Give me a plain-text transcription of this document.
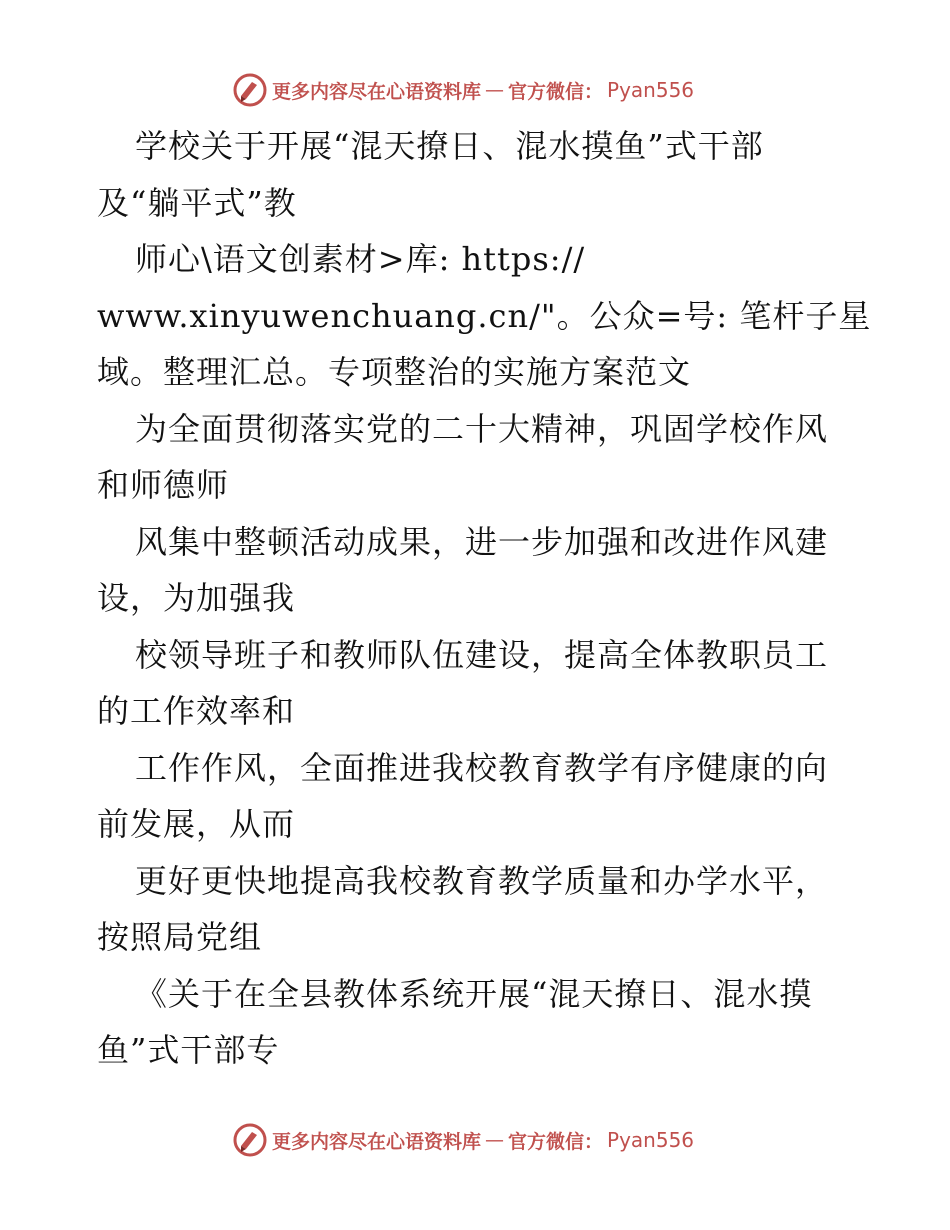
更多内容尽在心语资料库 — 官方微信： Pyan556
学校关于开展“混天撩日、混水摸鱼”式干部
及“躺平式”教
师心\语文创素材>库: https://
www.xinyuwenchuang.cn/"。公众=号: 笔杆子星
域。整理汇总。专项整治的实施方案范文
为全面贯彻落实党的二十大精神，巩固学校作风
和师德师
风集中整顿活动成果，进一步加强和改进作风建
设，为加强我
校领导班子和教师队伍建设，提高全体教职员工
的工作效率和
工作作风，全面推进我校教育教学有序健康的向
前发展，从而
更好更快地提高我校教育教学质量和办学水平，
按照局党组
《关于在全县教体系统开展“混天撩日、混水摸
鱼”式干部专
更多内容尽在心语资料库 — 官方微信： Pyan556
